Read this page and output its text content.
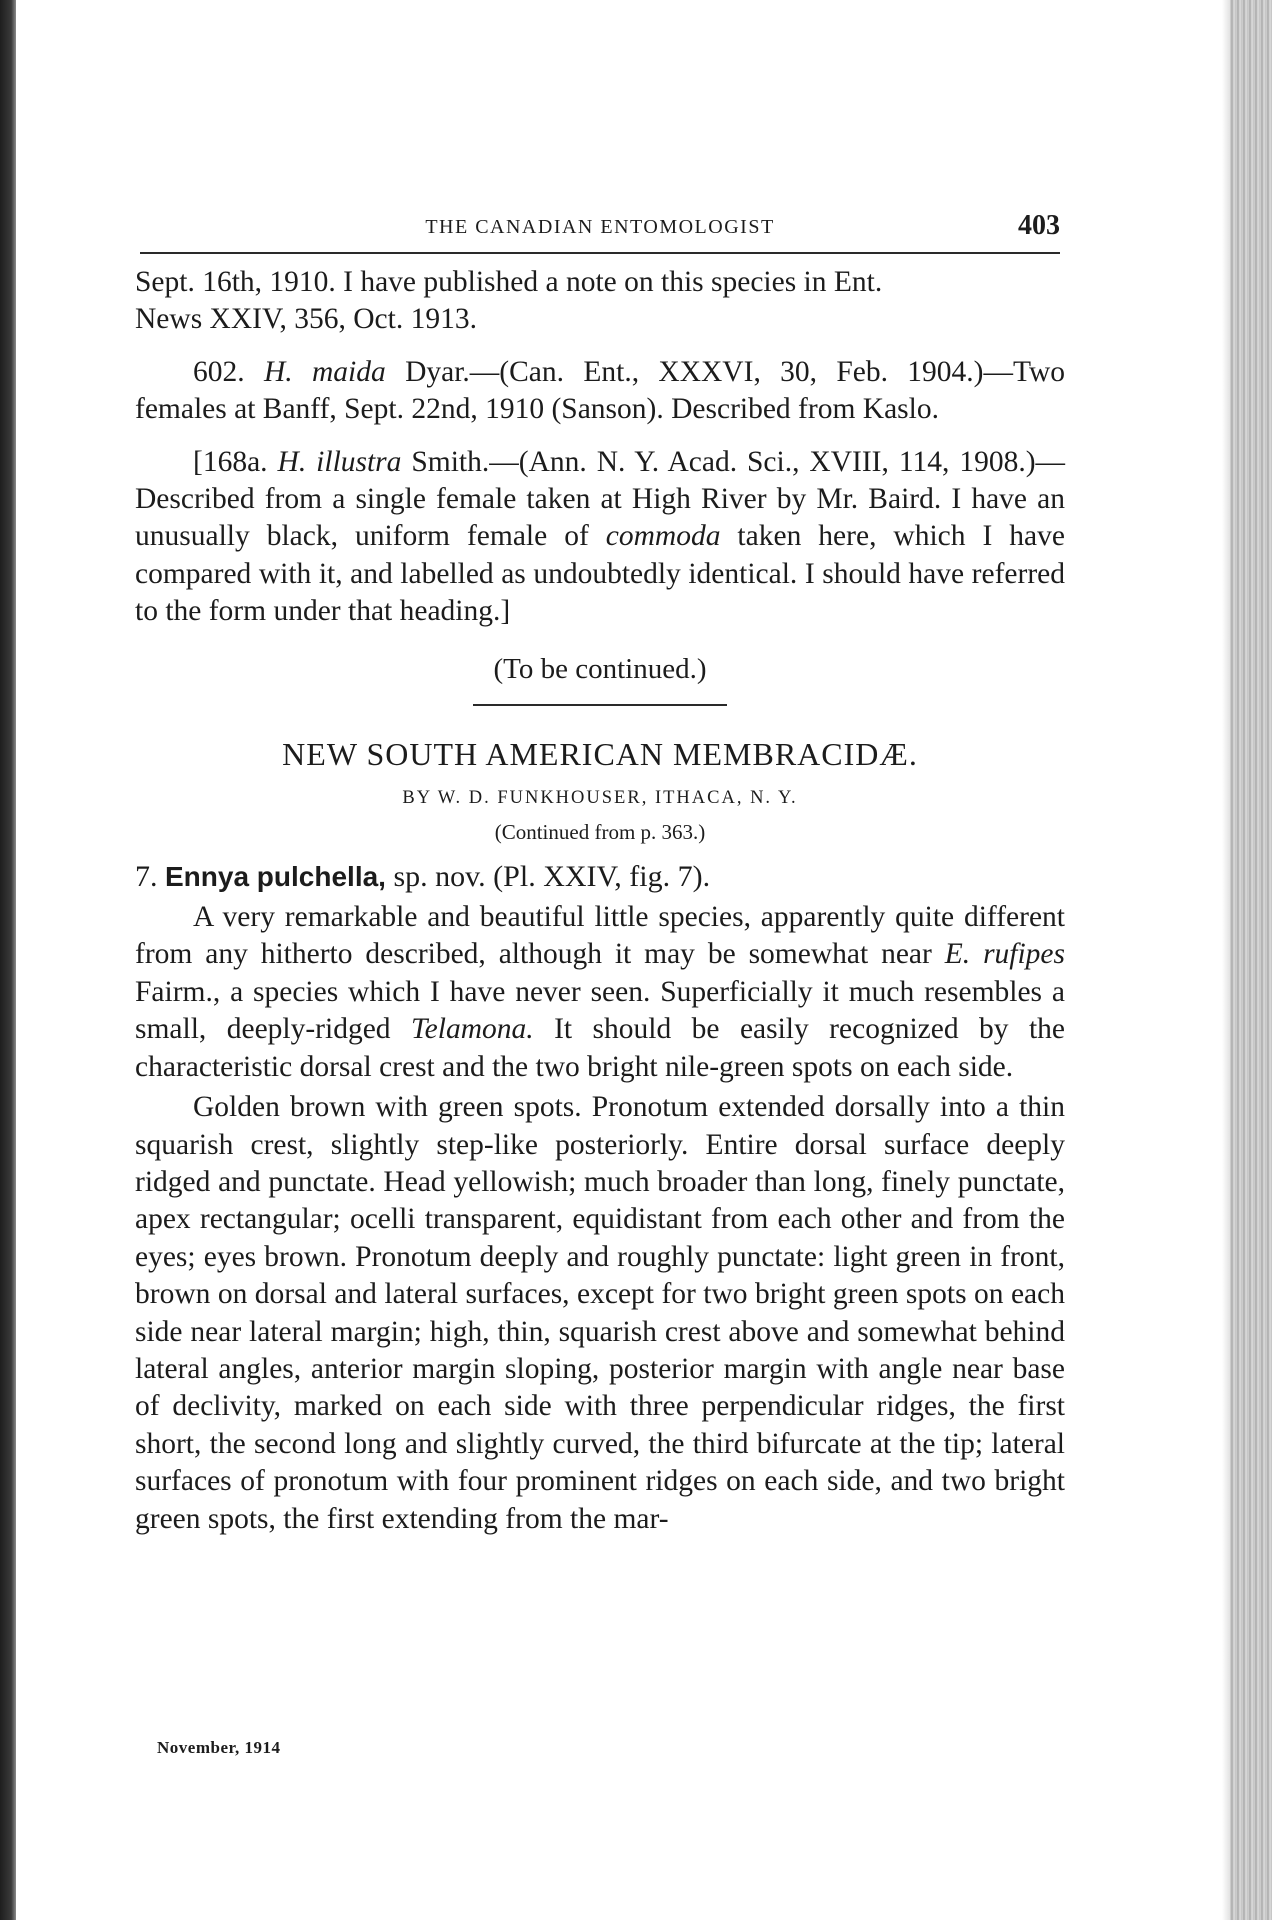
THE CANADIAN ENTOMOLOGIST	403

Sept. 16th, 1910. I have published a note on this species in Ent.
News XXIV, 356, Oct. 1913.

602. H. maida Dyar.—(Can. Ent., XXXVI, 30, Feb. 1904.)—Two females at Banff, Sept. 22nd, 1910 (Sanson). Described from Kaslo.

[168a. H. illustra Smith.—(Ann. N. Y. Acad. Sci., XVIII, 114, 1908.)—Described from a single female taken at High River by Mr. Baird. I have an unusually black, uniform female of commoda taken here, which I have compared with it, and labelled as undoubtedly identical. I should have referred to the form under that heading.]

(To be continued.)

NEW SOUTH AMERICAN MEMBRACIDÆ.

BY W. D. FUNKHOUSER, ITHACA, N. Y.

(Continued from p. 363.)

7. Ennya pulchella, sp. nov. (Pl. XXIV, fig. 7).

A very remarkable and beautiful little species, apparently quite different from any hitherto described, although it may be somewhat near E. rufipes Fairm., a species which I have never seen. Superficially it much resembles a small, deeply-ridged Telamona. It should be easily recognized by the characteristic dorsal crest and the two bright nile-green spots on each side.

Golden brown with green spots. Pronotum extended dorsally into a thin squarish crest, slightly step-like posteriorly. Entire dorsal surface deeply ridged and punctate. Head yellowish; much broader than long, finely punctate, apex rectangular; ocelli transparent, equidistant from each other and from the eyes; eyes brown. Pronotum deeply and roughly punctate: light green in front, brown on dorsal and lateral surfaces, except for two bright green spots on each side near lateral margin; high, thin, squarish crest above and somewhat behind lateral angles, anterior margin sloping, posterior margin with angle near base of declivity, marked on each side with three perpendicular ridges, the first short, the second long and slightly curved, the third bifurcate at the tip; lateral surfaces of pronotum with four prominent ridges on each side, and two bright green spots, the first extending from the mar-

November, 1914
